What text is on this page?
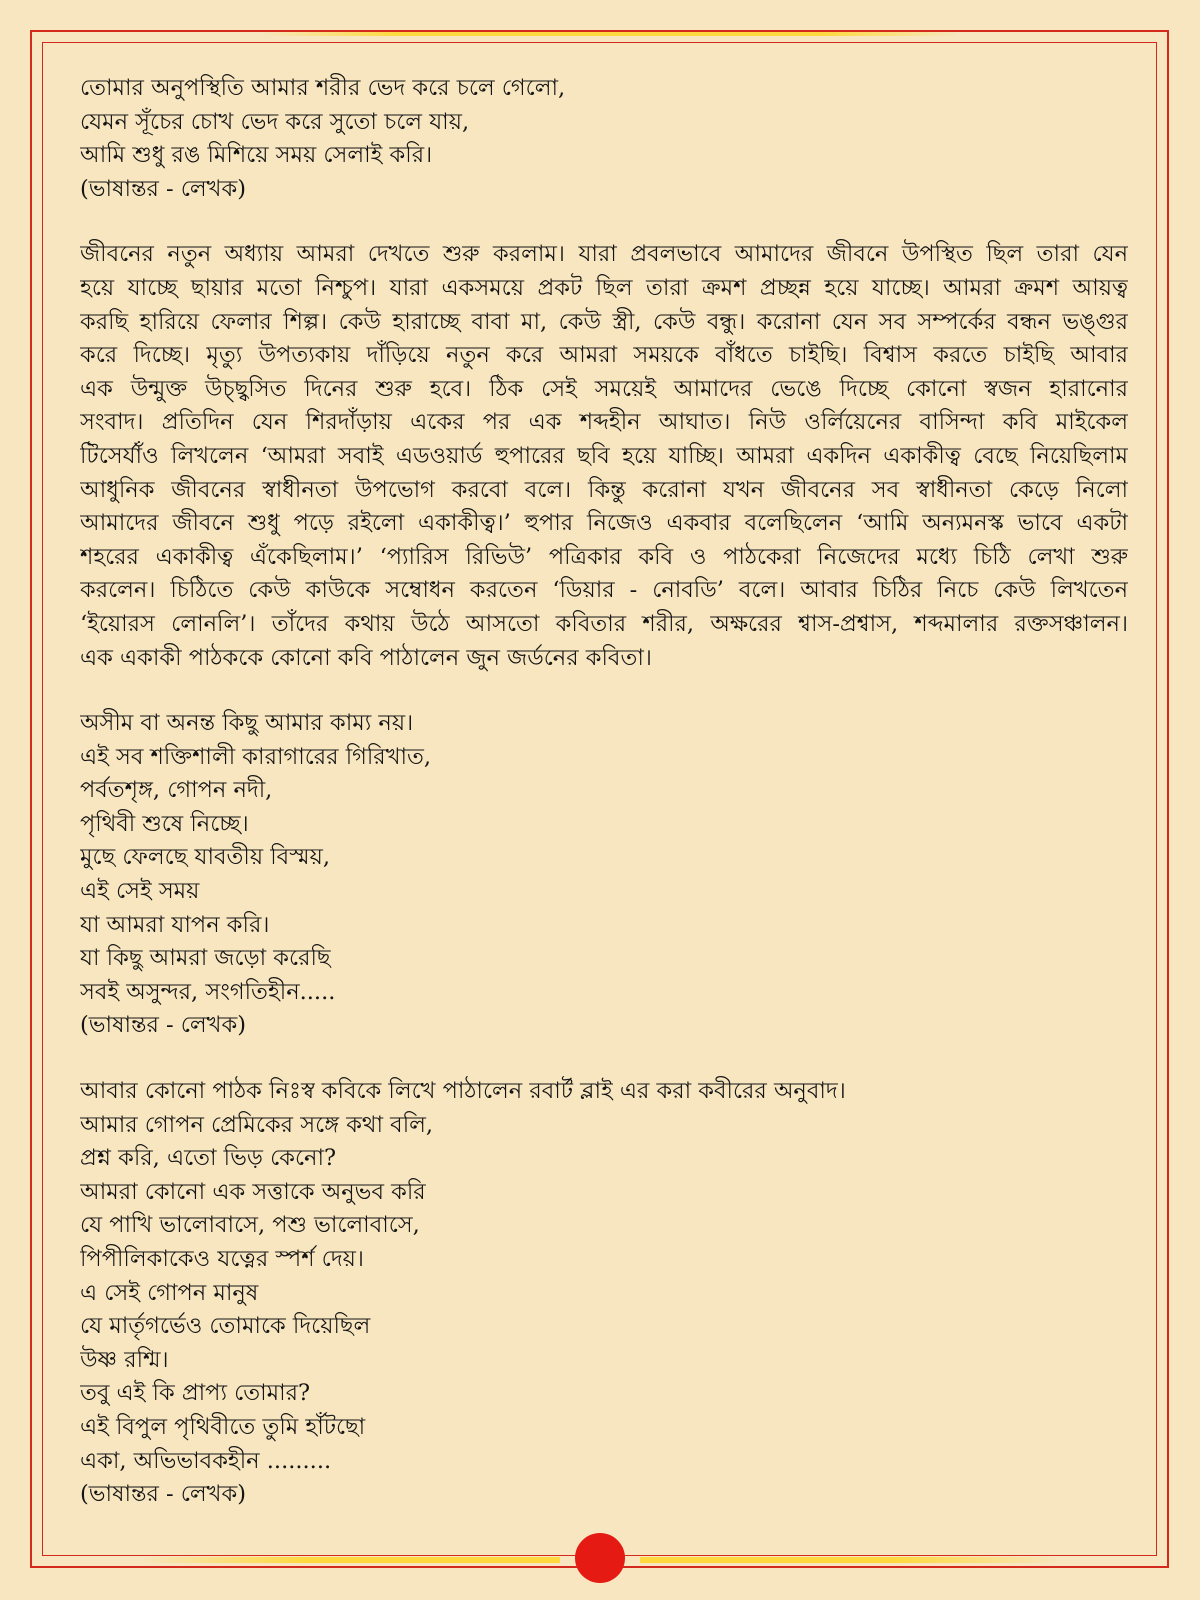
তোমার অনুপস্থিতি আমার শরীর ভেদ করে চলে গেলো,
যেমন সূঁচের চোখ ভেদ করে সুতো চলে যায়,
আমি শুধু রঙ মিশিয়ে সময় সেলাই করি।
(ভাষান্তর - লেখক)
জীবনের নতুন অধ্যায় আমরা দেখতে শুরু করলাম। যারা প্রবলভাবে আমাদের জীবনে উপস্থিত ছিল তারা যেন
হয়ে যাচ্ছে ছায়ার মতো নিশ্চুপ। যারা একসময়ে প্রকট ছিল তারা ক্রমশ প্রচ্ছন্ন হয়ে যাচ্ছে। আমরা ক্রমশ আয়ত্ব
করছি হারিয়ে ফেলার শিল্প। কেউ হারাচ্ছে বাবা মা, কেউ স্ত্রী, কেউ বন্ধু। করোনা যেন সব সম্পর্কের বন্ধন ভঙ্গুর
করে দিচ্ছে। মৃত্যু উপত্যকায় দাঁড়িয়ে নতুন করে আমরা সময়কে বাঁধতে চাইছি। বিশ্বাস করতে চাইছি আবার
এক উন্মুক্ত উচ্ছ্বসিত দিনের শুরু হবে। ঠিক সেই সময়েই আমাদের ভেঙে দিচ্ছে কোনো স্বজন হারানোর
সংবাদ। প্রতিদিন যেন শিরদাঁড়ায় একের পর এক শব্দহীন আঘাত। নিউ ওর্লিয়েনের বাসিন্দা কবি মাইকেল
টিসের্যাঁও লিখলেন ‘আমরা সবাই এডওয়ার্ড হুপারের ছবি হয়ে যাচ্ছি। আমরা একদিন একাকীত্ব বেছে নিয়েছিলাম
আধুনিক জীবনের স্বাধীনতা উপভোগ করবো বলে। কিন্তু করোনা যখন জীবনের সব স্বাধীনতা কেড়ে নিলো
আমাদের জীবনে শুধু পড়ে রইলো একাকীত্ব।’ হুপার নিজেও একবার বলেছিলেন ‘আমি অন্যমনস্ক ভাবে একটা
শহরের একাকীত্ব এঁকেছিলাম।’ ‘প্যারিস রিভিউ’ পত্রিকার কবি ও পাঠকেরা নিজেদের মধ্যে চিঠি লেখা শুরু
করলেন। চিঠিতে কেউ কাউকে সম্বোধন করতেন ‘ডিয়ার - নোবডি’ বলে। আবার চিঠির নিচে কেউ লিখতেন
‘ইয়োরস লোনলি’। তাঁদের কথায় উঠে আসতো কবিতার শরীর, অক্ষরের শ্বাস-প্রশ্বাস, শব্দমালার রক্তসঞ্চালন।
এক একাকী পাঠককে কোনো কবি পাঠালেন জুন জর্ডনের কবিতা।
অসীম বা অনন্ত কিছু আমার কাম্য নয়।
এই সব শক্তিশালী কারাগারের গিরিখাত,
পর্বতশৃঙ্গ, গোপন নদী,
পৃথিবী শুষে নিচ্ছে।
মুছে ফেলছে যাবতীয় বিস্ময়,
এই সেই সময়
যা আমরা যাপন করি।
যা কিছু আমরা জড়ো করেছি
সবই অসুন্দর, সংগতিহীন.....
(ভাষান্তর - লেখক)
আবার কোনো পাঠক নিঃস্ব কবিকে লিখে পাঠালেন রবার্ট ব্লাই এর করা কবীরের অনুবাদ।
আমার গোপন প্রেমিকের সঙ্গে কথা বলি,
প্রশ্ন করি, এতো ভিড় কেনো?
আমরা কোনো এক সত্তাকে অনুভব করি
যে পাখি ভালোবাসে, পশু ভালোবাসে,
পিপীলিকাকেও যত্নের স্পর্শ দেয়।
এ সেই গোপন মানুষ
যে মার্তৃগর্ভেও তোমাকে দিয়েছিল
উষ্ণ রশ্মি।
তবু এই কি প্রাপ্য তোমার?
এই বিপুল পৃথিবীতে তুমি হাঁটছো
একা, অভিভাবকহীন .........
(ভাষান্তর - লেখক)
